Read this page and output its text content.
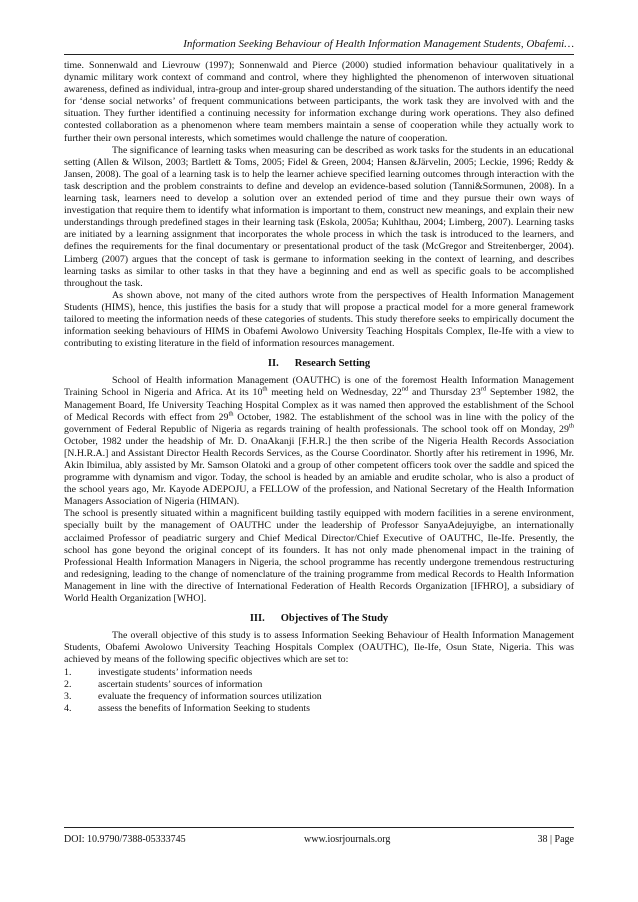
Information Seeking Behaviour of Health Information Management Students, Obafemi…

time. Sonnenwald and Lievrouw (1997); Sonnenwald and Pierce (2000) studied information behaviour qualitatively in a dynamic military work context of command and control, where they highlighted the phenomenon of interwoven situational awareness, defined as individual, intra-group and inter-group shared understanding of the situation. The authors identify the need for ‘dense social networks’ of frequent communications between participants, the work task they are involved with and the situation. They further identified a continuing necessity for information exchange during work operations. They also defined contested collaboration as a phenomenon where team members maintain a sense of cooperation while they actually work to further their own personal interests, which sometimes would challenge the nature of cooperation.

The significance of learning tasks when measuring can be described as work tasks for the students in an educational setting (Allen & Wilson, 2003; Bartlett & Toms, 2005; Fidel & Green, 2004; Hansen &Järvelin, 2005; Leckie, 1996; Reddy & Jansen, 2008). The goal of a learning task is to help the learner achieve specified learning outcomes through interaction with the task description and the problem constraints to define and develop an evidence-based solution (Tanni&Sormunen, 2008). In a learning task, learners need to develop a solution over an extended period of time and they pursue their own ways of investigation that require them to identify what information is important to them, construct new meanings, and explain their new understandings through predefined stages in their learning task (Eskola, 2005a; Kuhlthau, 2004; Limberg, 2007). Learning tasks are initiated by a learning assignment that incorporates the whole process in which the task is introduced to the learners, and defines the requirements for the final documentary or presentational product of the task (McGregor and Streitenberger, 2004). Limberg (2007) argues that the concept of task is germane to information seeking in the context of learning, and describes learning tasks as similar to other tasks in that they have a beginning and end as well as specific goals to be accomplished throughout the task.

As shown above, not many of the cited authors wrote from the perspectives of Health Information Management Students (HIMS), hence, this justifies the basis for a study that will propose a practical model for a more general framework tailored to meeting the information needs of these categories of students. This study therefore seeks to empirically document the information seeking behaviours of HIMS in Obafemi Awolowo University Teaching Hospitals Complex, Ile-Ife with a view to contributing to existing literature in the field of information resources management.

II. Research Setting

School of Health information Management (OAUTHC) is one of the foremost Health Information Management Training School in Nigeria and Africa. At its 10th meeting held on Wednesday, 22nd and Thursday 23rd September 1982, the Management Board, Ife University Teaching Hospital Complex as it was named then approved the establishment of the School of Medical Records with effect from 29th October, 1982. The establishment of the school was in line with the policy of the government of Federal Republic of Nigeria as regards training of health professionals. The school took off on Monday, 29th October, 1982 under the headship of Mr. D. OnaAkanji [F.H.R.] the then scribe of the Nigeria Health Records Association [N.H.R.A.] and Assistant Director Health Records Services, as the Course Coordinator. Shortly after his retirement in 1996, Mr. Akin Ibimilua, ably assisted by Mr. Samson Olatoki and a group of other competent officers took over the saddle and spiced the programme with dynamism and vigor. Today, the school is headed by an amiable and erudite scholar, who is also a product of the school years ago, Mr. Kayode ADEPOJU, a FELLOW of the profession, and National Secretary of the Health Information Managers Association of Nigeria (HIMAN).

The school is presently situated within a magnificent building tastily equipped with modern facilities in a serene environment, specially built by the management of OAUTHC under the leadership of Professor SanyaAdejuyigbe, an internationally acclaimed Professor of peadiatric surgery and Chief Medical Director/Chief Executive of OAUTHC, Ile-Ife. Presently, the school has gone beyond the original concept of its founders. It has not only made phenomenal impact in the training of Professional Health Information Managers in Nigeria, the school programme has recently undergone tremendous restructuring and redesigning, leading to the change of nomenclature of the training programme from medical Records to Health Information Management in line with the directive of International Federation of Health Records Organization [IFHRO], a subsidiary of World Health Organization [WHO].

III. Objectives of The Study

The overall objective of this study is to assess Information Seeking Behaviour of Health Information Management Students, Obafemi Awolowo University Teaching Hospitals Complex (OAUTHC), Ile-Ife, Osun State, Nigeria. This was achieved by means of the following specific objectives which are set to:

1.	investigate students’ information needs
2.	ascertain students’ sources of information
3.	evaluate the frequency of information sources utilization
4.	assess the benefits of Information Seeking to students
DOI: 10.9790/7388-05333745	www.iosrjournals.org	38 | Page
